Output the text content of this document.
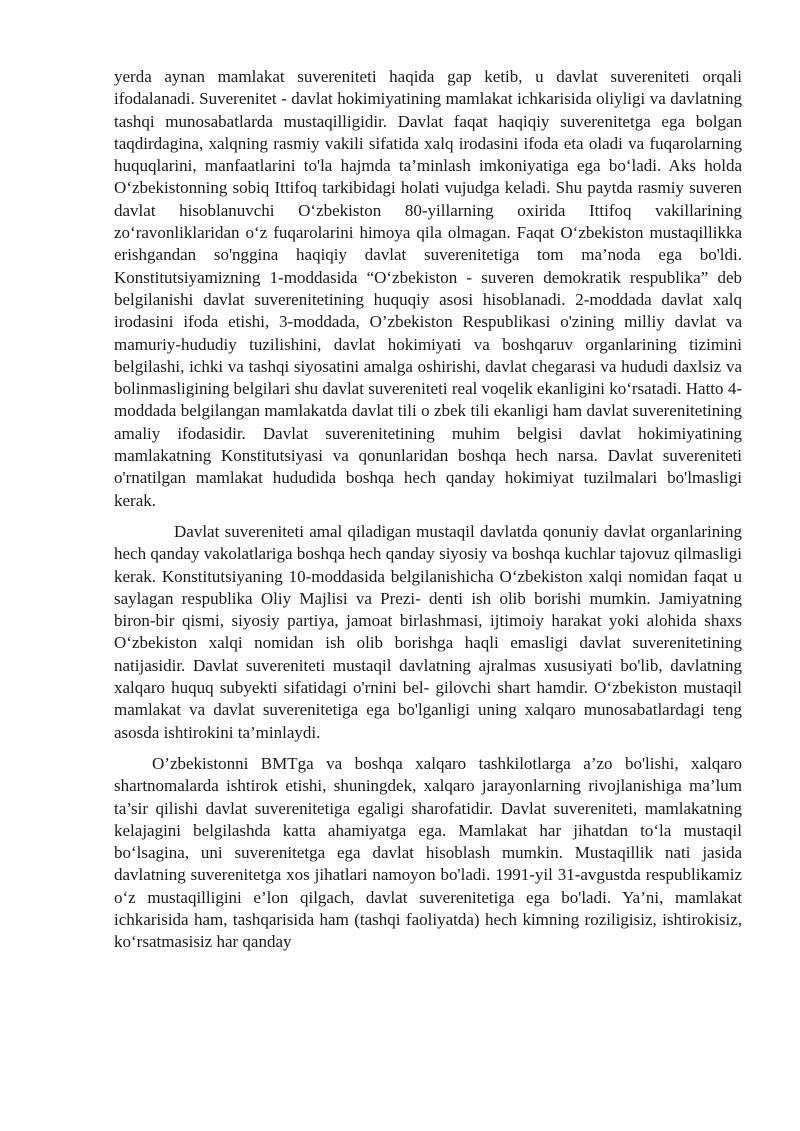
yerda aynan mamlakat suvereniteti haqida gap ketib, u davlat suvereniteti orqali ifodalanadi. Suverenitet - davlat hokimiyatining mamlakat ichkarisida oliyligi va davlatning tashqi munosabatlarda mustaqilligidir. Davlat faqat haqiqiy suverenitetga ega bolgan taqdirdagina, xalqning rasmiy vakili sifatida xalq irodasini ifoda eta oladi va fuqarolarning huquqlarini, manfaatlarini to'la hajmda ta’minlash imkoniyatiga ega bo‘ladi. Aks holda O‘zbekistonning sobiq Ittifoq tarkibidagi holati vujudga keladi. Shu paytda rasmiy suveren davlat hisoblanuvchi O‘zbekiston 80-yillarning oxirida Ittifoq vakillarining zo‘ravonliklaridan o‘z fuqarolarini himoya qila olmagan. Faqat O‘zbekiston mustaqillikka erishgandan so'nggina haqiqiy davlat suverenitetiga tom ma’noda ega bo'ldi. Konstitutsiyamizning 1-moddasida “O‘zbekiston - suveren demokratik respublika” deb belgilanishi davlat suverenitetining huquqiy asosi hisoblanadi. 2-moddada davlat xalq irodasini ifoda etishi, 3-moddada, O’zbekiston Respublikasi o'zining milliy davlat va mamuriy-hududiy tuzilishini, davlat hokimiyati va boshqaruv organlarining tizimini belgilashi, ichki va tashqi siyosatini amalga oshirishi, davlat chegarasi va hududi daxlsiz va bolinmasligining belgilari shu davlat suvereniteti real voqelik ekanligini ko‘rsatadi. Hatto 4-moddada belgilangan mamlakatda davlat tili o zbek tili ekanligi ham davlat suverenitetining amaliy ifodasidir. Davlat suverenitetining muhim belgisi davlat hokimiyatining mamlakatning Konstitutsiyasi va qonunlaridan boshqa hech narsa. Davlat suvereniteti o'rnatilgan mamlakat hududida boshqa hech qanday hokimiyat tuzilmalari bo'lmasligi kerak.

Davlat suvereniteti amal qiladigan mustaqil davlatda qonuniy davlat organlarining hech qanday vakolatlariga boshqa hech qanday siyosiy va boshqa kuchlar tajovuz qilmasligi kerak. Konstitutsiyaning 10-moddasida belgilanishicha O‘zbekiston xalqi nomidan faqat u saylagan respublika Oliy Majlisi va Prezi- denti ish olib borishi mumkin. Jamiyatning biron-bir qismi, siyosiy partiya, jamoat birlashmasi, ijtimoiy harakat yoki alohida shaxs O‘zbekiston xalqi nomidan ish olib borishga haqli emasligi davlat suverenitetining natijasidir. Davlat suvereniteti mustaqil davlatning ajralmas xususiyati bo'lib, davlatning xalqaro huquq subyekti sifatidagi o'rnini bel- gilovchi shart hamdir. O‘zbekiston mustaqil mamlakat va davlat suverenitetiga ega bo'lganligi uning xalqaro munosabatlardagi teng asosda ishtirokini ta’minlaydi.

O’zbekistonni BMTga va boshqa xalqaro tashkilotlarga a’zo bo'lishi, xalqaro shartnomalarda ishtirok etishi, shuningdek, xalqaro jarayonlarning rivojlanishiga ma’lum ta’sir qilishi davlat suverenitetiga egaligi sharofatidir. Davlat suvereniteti, mamlakatning kelajagini belgilashda katta ahamiyatga ega. Mamlakat har jihatdan to‘la mustaqil bo‘lsagina, uni suverenitetga ega davlat hisoblash mumkin. Mustaqillik nati jasida davlatning suverenitetga xos jihatlari namoyon bo'ladi. 1991-yil 31-avgustda respublikamiz o‘z mustaqilligini e’lon qilgach, davlat suverenitetiga ega bo'ladi. Ya’ni, mamlakat ichkarisida ham, tashqarisida ham (tashqi faoliyatda) hech kimning roziligisiz, ishtirokisiz, ko‘rsatmasisiz har qanday
